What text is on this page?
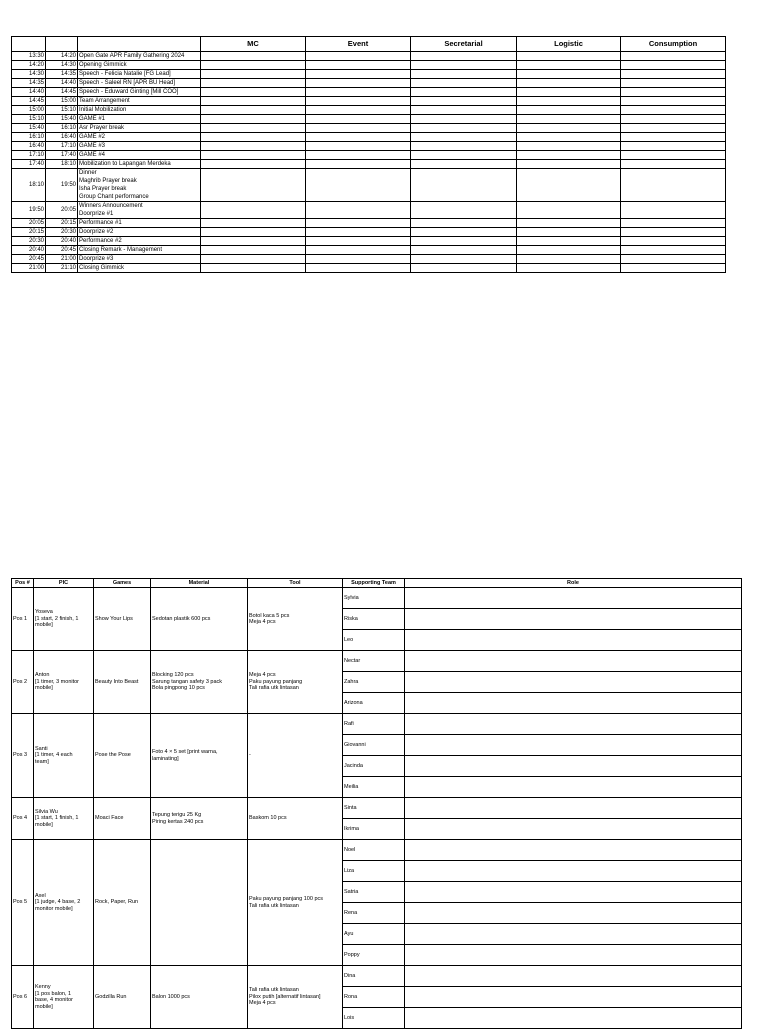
			MC	Event	Secretarial	Logistic	Consumption
13:30	14:20	Open Gate APR Family Gathering 2024					

14:20	14:30	Opening Gimmick					

14:30	14:35	Speech - Felicia Natalie [FG Lead]					

14:35	14:40	Speech - Saleel RN [APR BU Head]					

14:40	14:45	Speech - Eduward Ginting [Mill COO]					

14:45	15:00	Team Arrangement					

15:00	15:10	Initial Mobilization					

15:10	15:40	GAME #1					

15:40	16:10	Asr Prayer break					

16:10	16:40	GAME #2					

16:40	17:10	GAME #3					

17:10	17:40	GAME #4					

17:40	18:10	Mobilization to Lapangan Merdeka					

18:10	19:50	Dinner
Maghrib Prayer break
Isha Prayer break
Group Chant performance					

19:50	20:05	Winners Announcement
Doorprize #1					

20:05	20:15	Performance #1					

20:15	20:30	Doorprize #2					

20:30	20:40	Performance #2					

20:40	20:45	Closing Remark - Management					

20:45	21:00	Doorprize #3					

21:00	21:10	Closing Gimmick					

Pos #	PIC	Games	Material	Tool	Supporting Team	Role
Pos 1	Yoseva
[1 start, 2 finish, 1
mobile]	Show Your Lips	Sedotan plastik 600 pcs	Botol kaca 5 pcs
Meja 4 pcs	Sylvia	
					Riska	
					Leo	
Pos 2	Anton
[1 timer, 3 monitor
mobile]	Beauty Into Beast	Blocking 120 pcs
Sarung tangan safety 3 pack
Bola pingpong 10 pcs	Meja 4 pcs
Paku payung panjang
Tali rafia utk lintasan	Nectar	
					Zahra	
					Arizona	
Pos 3	Santi
[1 timer, 4 each
team]	Pose the Pose	Foto 4 × 5 set [print warna,
laminating]	-	Rafi	
					Giovanni	
					Jacinda	
					Meilia	
Pos 4	Silvia Wu
[1 start, 1 finish, 1
mobile]	Moaci Face	Tepung terigu 25 Kg
Piring kertas 240 pcs	Baskom 10 pcs	Sinta	
					Ikrima	
Pos 5	Axel
[1 judge, 4 base, 2
monitor mobile]	Rock, Paper, Run		Paku payung panjang 100 pcs
Tali rafia utk lintasan	Noel	
					Liza	
					Satria	
					Rena	
					Ayu	
					Poppy	
Pos 6	Kenny
[1 pos balon, 1
base, 4 monitor
mobile]	Godzilla Run	Balon 1000 pcs	Tali rafia utk lintasan
Pilox putih [alternatif lintasan]
Meja 4 pcs	Dina	
					Rona	
					Lois	
